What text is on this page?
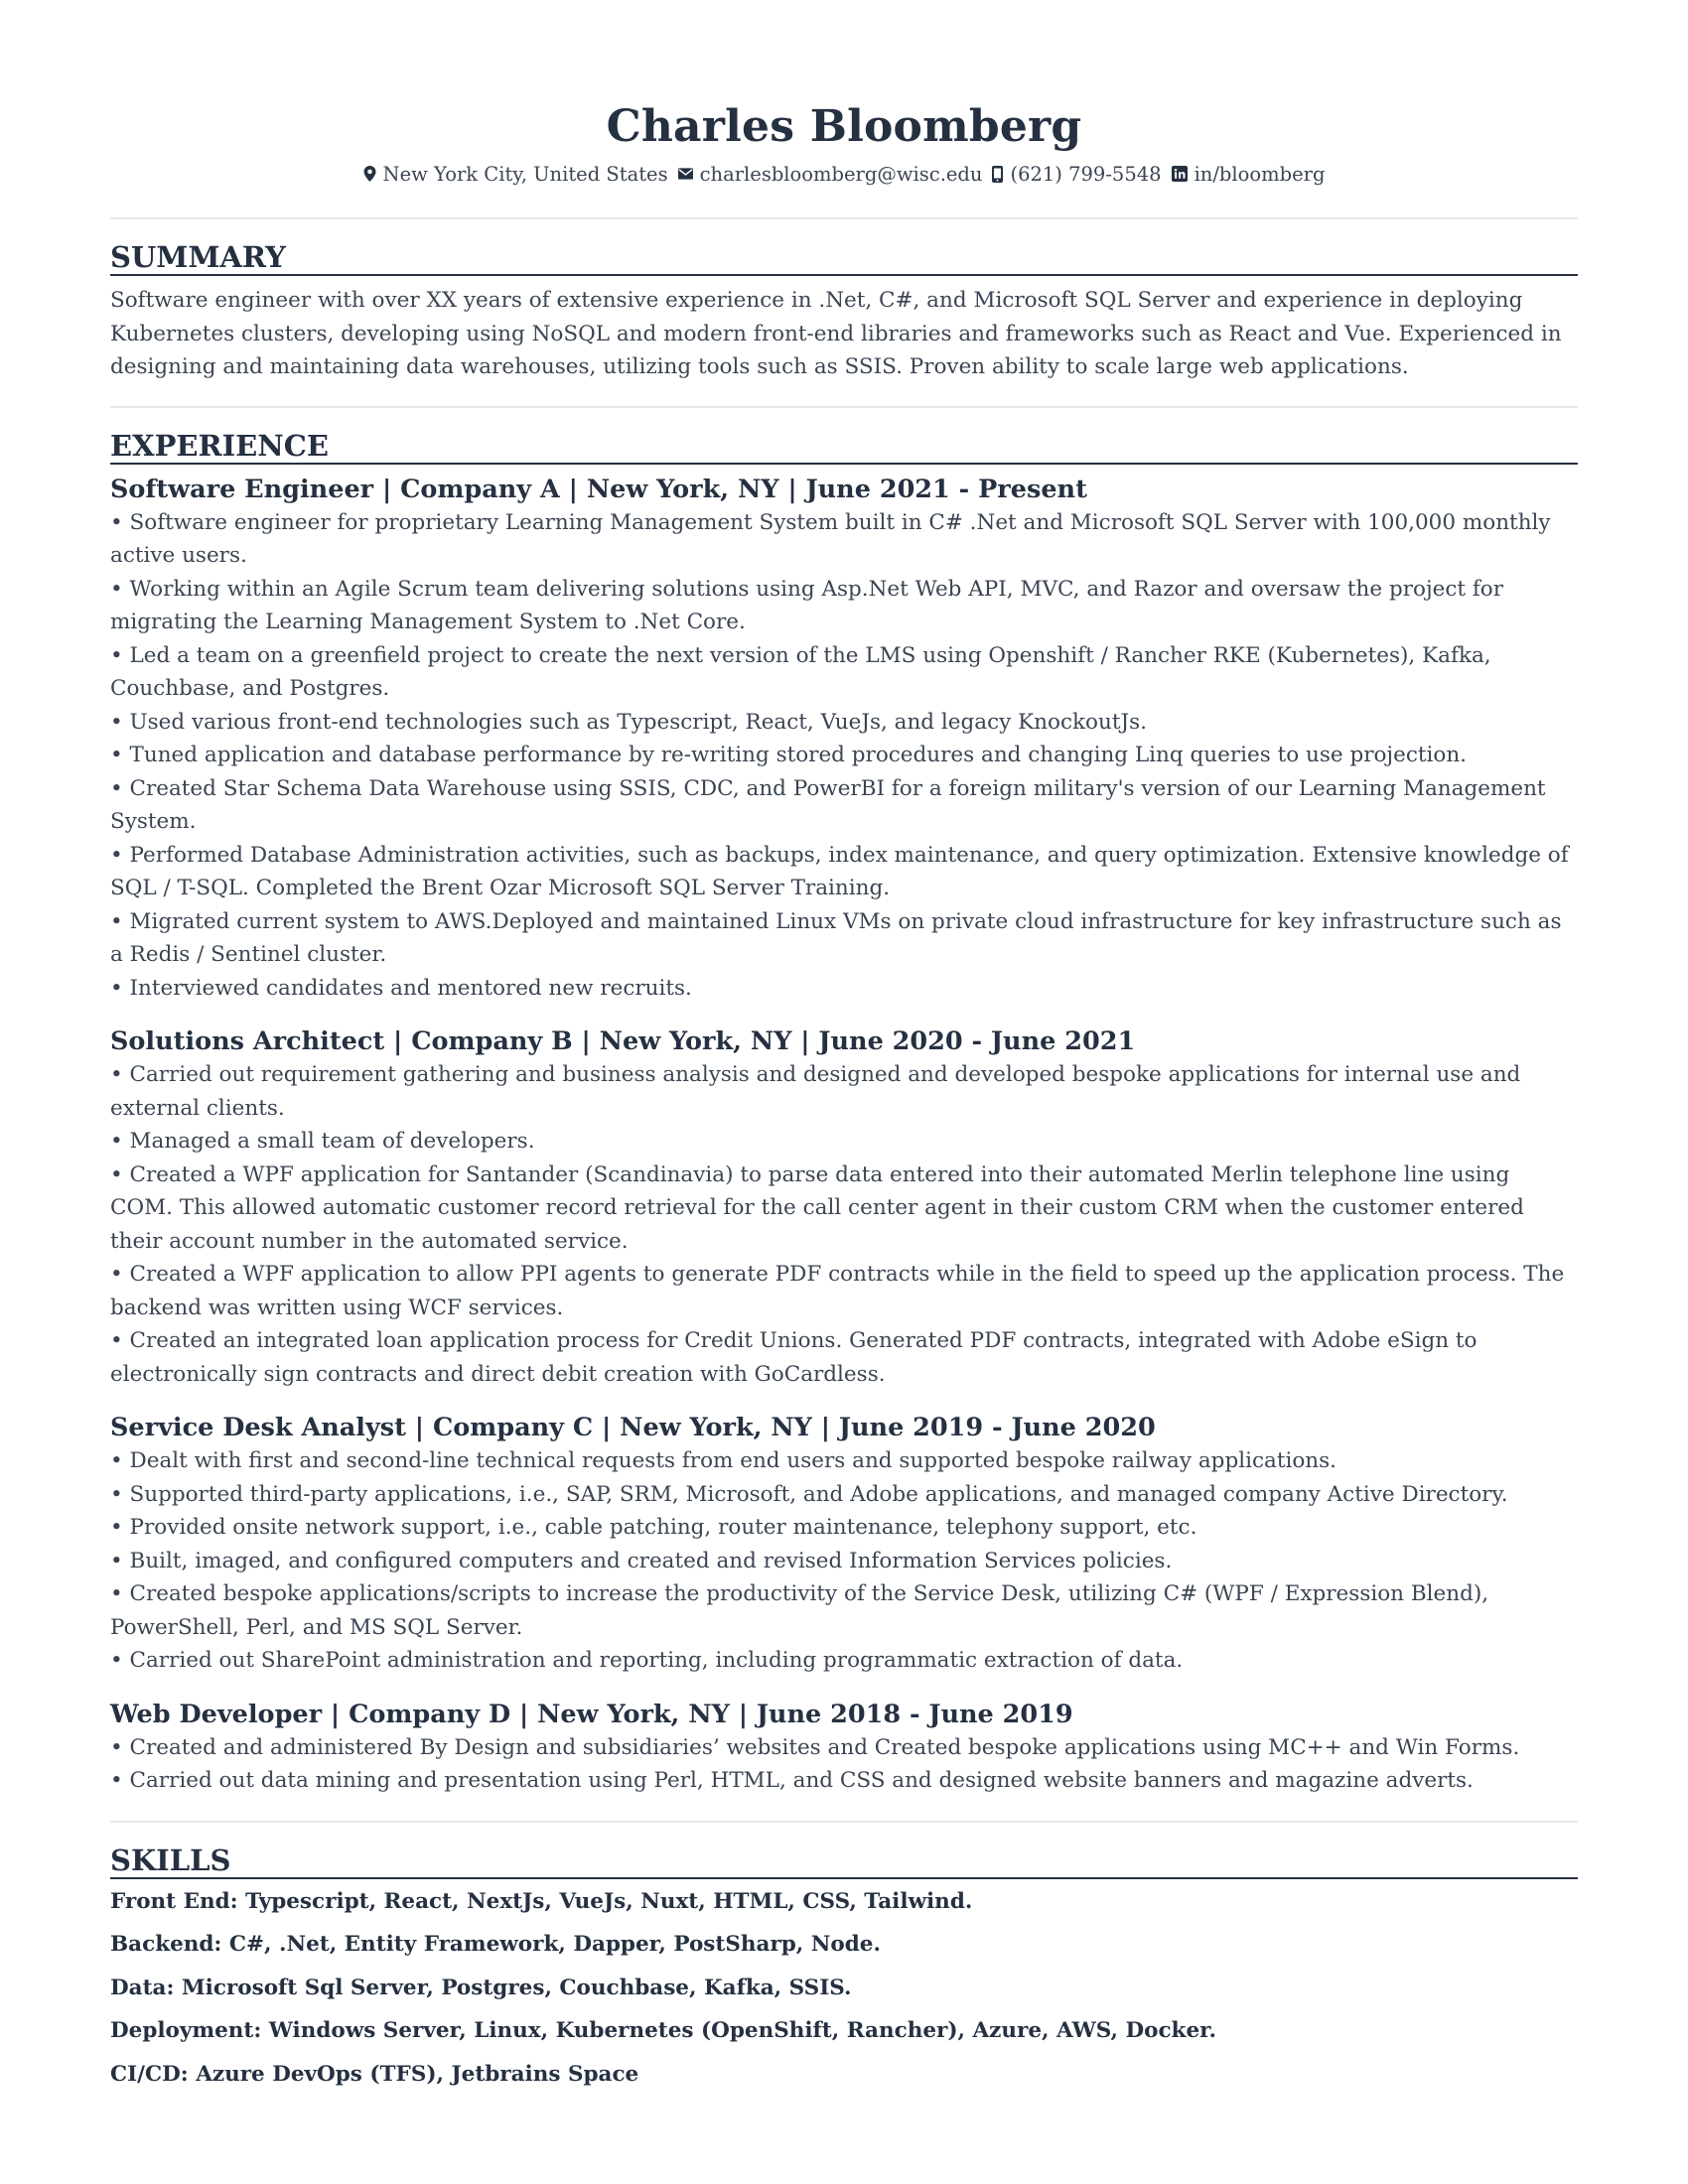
Charles Bloomberg
New York City, United States charlesbloomberg@wisc.edu (621) 799-5548 in/bloomberg
SUMMARY

Software engineer with over XX years of extensive experience in .Net, C#, and Microsoft SQL Server and experience in deploying Kubernetes clusters, developing using NoSQL and modern front-end libraries and frameworks such as React and Vue. Experienced in designing and maintaining data warehouses, utilizing tools such as SSIS. Proven ability to scale large web applications.

EXPERIENCE
Software Engineer | Company A | New York, NY | June 2021 - Present
• Software engineer for proprietary Learning Management System built in C# .Net and Microsoft SQL Server with 100,000 monthly active users.
• Working within an Agile Scrum team delivering solutions using Asp.Net Web API, MVC, and Razor and oversaw the project for migrating the Learning Management System to .Net Core.
• Led a team on a greenfield project to create the next version of the LMS using Openshift / Rancher RKE (Kubernetes), Kafka, Couchbase, and Postgres.
• Used various front-end technologies such as Typescript, React, VueJs, and legacy KnockoutJs.
• Tuned application and database performance by re-writing stored procedures and changing Linq queries to use projection.
• Created Star Schema Data Warehouse using SSIS, CDC, and PowerBI for a foreign military's version of our Learning Management System.
• Performed Database Administration activities, such as backups, index maintenance, and query optimization. Extensive knowledge of SQL / T-SQL. Completed the Brent Ozar Microsoft SQL Server Training.
• Migrated current system to AWS.Deployed and maintained Linux VMs on private cloud infrastructure for key infrastructure such as a Redis / Sentinel cluster.
• Interviewed candidates and mentored new recruits.
Solutions Architect | Company B | New York, NY | June 2020 - June 2021
• Carried out requirement gathering and business analysis and designed and developed bespoke applications for internal use and external clients.
• Managed a small team of developers.
• Created a WPF application for Santander (Scandinavia) to parse data entered into their automated Merlin telephone line using COM. This allowed automatic customer record retrieval for the call center agent in their custom CRM when the customer entered their account number in the automated service.
• Created a WPF application to allow PPI agents to generate PDF contracts while in the field to speed up the application process. The backend was written using WCF services.
• Created an integrated loan application process for Credit Unions. Generated PDF contracts, integrated with Adobe eSign to electronically sign contracts and direct debit creation with GoCardless.
Service Desk Analyst | Company C | New York, NY | June 2019 - June 2020
• Dealt with first and second-line technical requests from end users and supported bespoke railway applications.
• Supported third-party applications, i.e., SAP, SRM, Microsoft, and Adobe applications, and managed company Active Directory.
• Provided onsite network support, i.e., cable patching, router maintenance, telephony support, etc.
• Built, imaged, and configured computers and created and revised Information Services policies.
• Created bespoke applications/scripts to increase the productivity of the Service Desk, utilizing C# (WPF / Expression Blend), PowerShell, Perl, and MS SQL Server.
• Carried out SharePoint administration and reporting, including programmatic extraction of data.
Web Developer | Company D | New York, NY | June 2018 - June 2019
• Created and administered By Design and subsidiaries’ websites and Created bespoke applications using MC++ and Win Forms.
• Carried out data mining and presentation using Perl, HTML, and CSS and designed website banners and magazine adverts.
SKILLS

Front End: Typescript, React, NextJs, VueJs, Nuxt, HTML, CSS, Tailwind.

Backend: C#, .Net, Entity Framework, Dapper, PostSharp, Node.

Data: Microsoft Sql Server, Postgres, Couchbase, Kafka, SSIS.

Deployment: Windows Server, Linux, Kubernetes (OpenShift, Rancher), Azure, AWS, Docker.

CI/CD: Azure DevOps (TFS), Jetbrains Space
